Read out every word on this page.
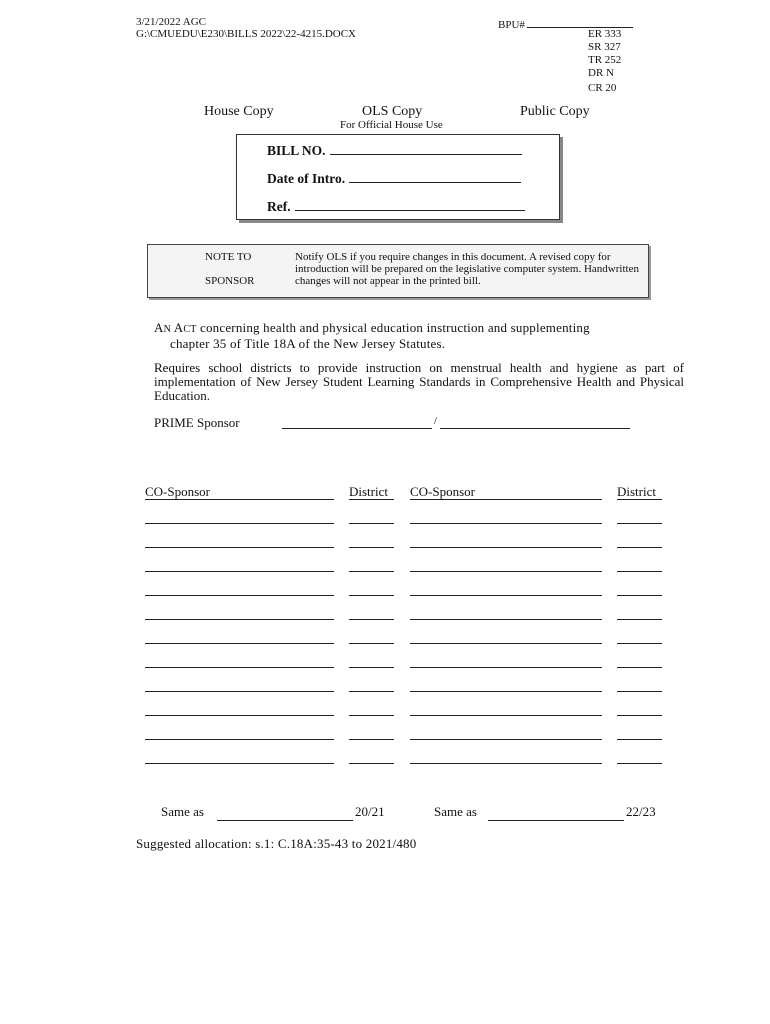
3/21/2022 AGC
G:\CMUEDU\E230\BILLS 2022\22-4215.DOCX
BPU#
ER 333
SR 327
TR 252
DR N
CR 20
House Copy	OLS Copy
For Official House Use
Public Copy
BILL NO.
Date of Intro.
Ref.
NOTE TO
SPONSOR
Notify OLS if you require changes in this document. A revised copy for introduction will be prepared on the legislative computer system. Handwritten changes will not appear in the printed bill.
AN ACT concerning health and physical education instruction and supplementing
chapter 35 of Title 18A of the New Jersey Statutes.
Requires school districts to provide instruction on menstrual health and hygiene as part of implementation of New Jersey Student Learning Standards in Comprehensive Health and Physical Education.
PRIME Sponsor	/
CO-Sponsor	District CO-Sponsor	District
Same as	20/21	Same as	22/23
Suggested allocation: s.1: C.18A:35-43 to 2021/480
